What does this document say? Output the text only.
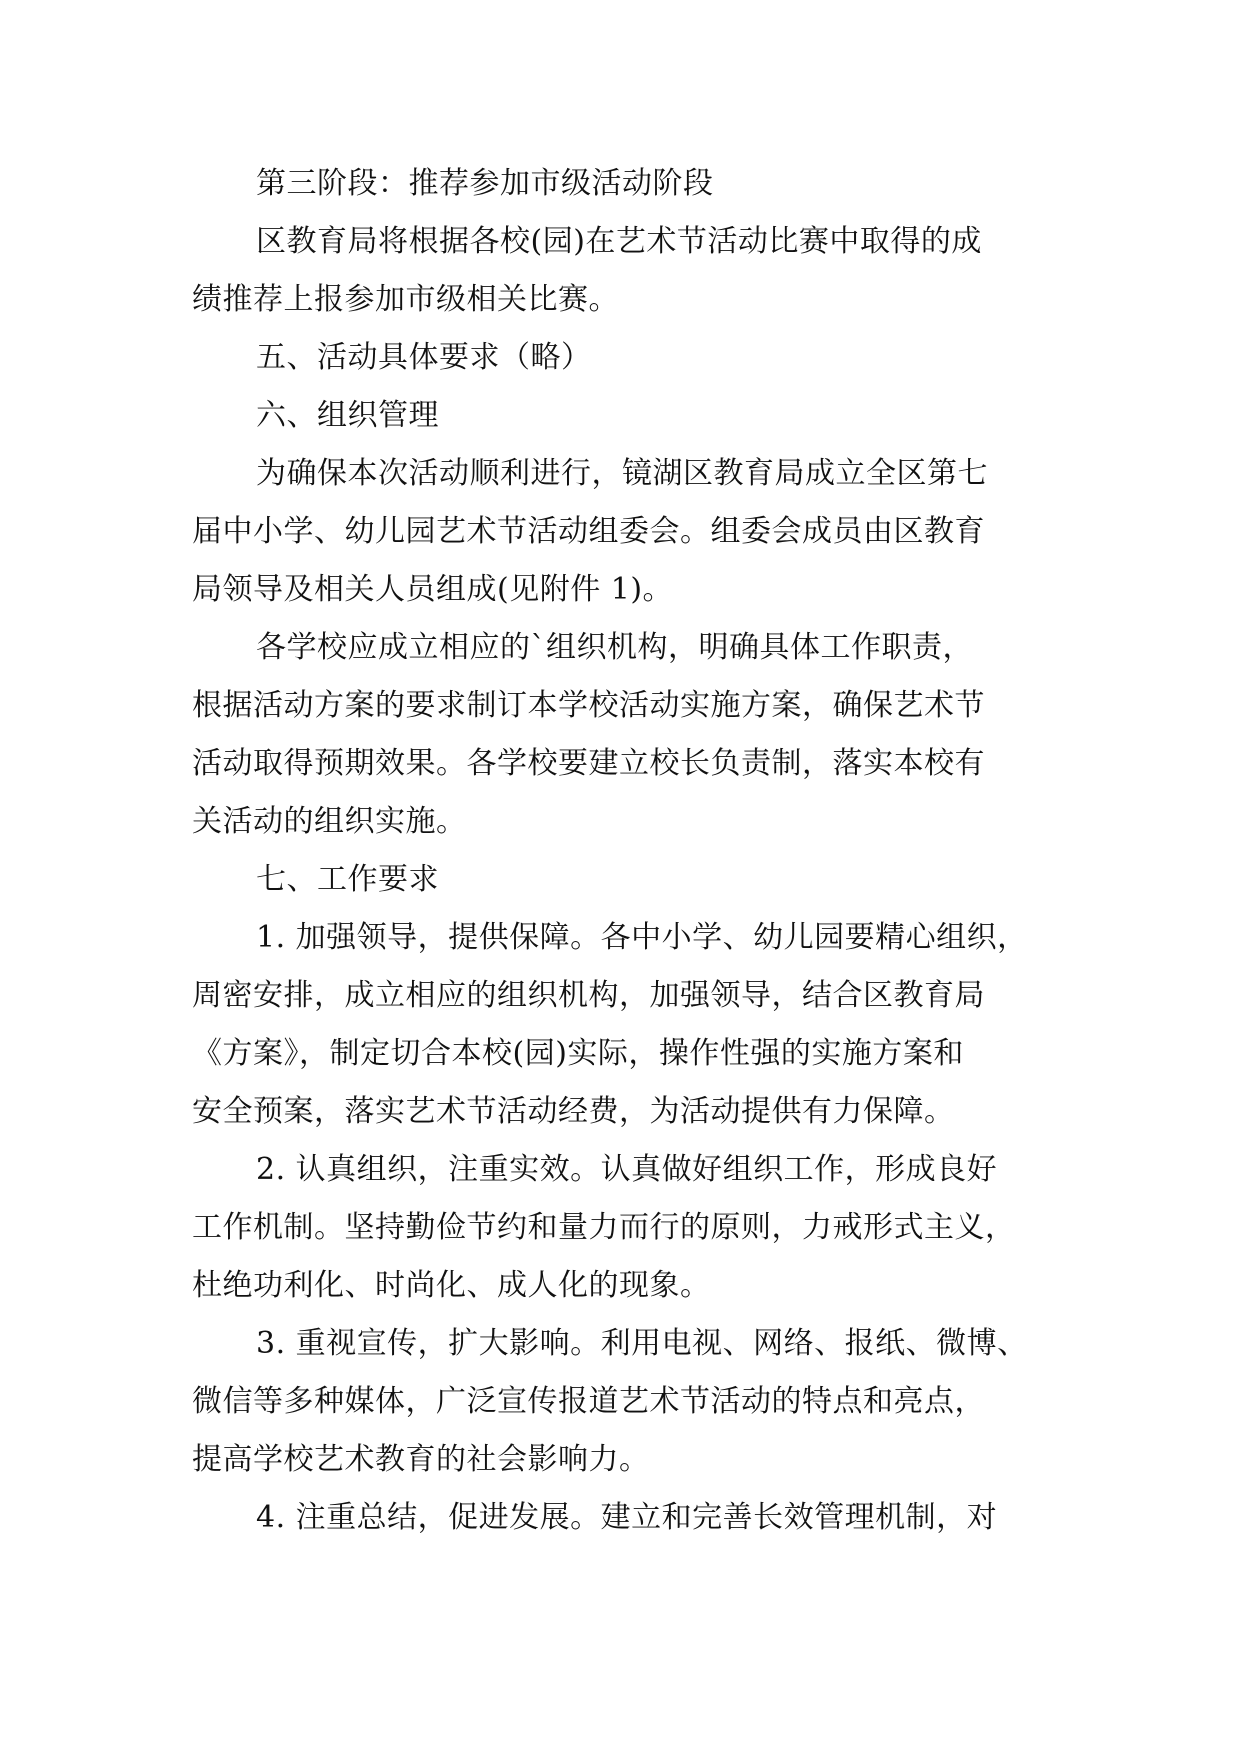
第三阶段：推荐参加市级活动阶段
区教育局将根据各校(园)在艺术节活动比赛中取得的成
绩推荐上报参加市级相关比赛。
五、活动具体要求（略）
六、组织管理
为确保本次活动顺利进行，镜湖区教育局成立全区第七
届中小学、幼儿园艺术节活动组委会。组委会成员由区教育
局领导及相关人员组成(见附件 1)。
各学校应成立相应的`组织机构，明确具体工作职责，
根据活动方案的要求制订本学校活动实施方案，确保艺术节
活动取得预期效果。各学校要建立校长负责制，落实本校有
关活动的组织实施。
七、工作要求
1. 加强领导，提供保障。各中小学、幼儿园要精心组织，
周密安排，成立相应的组织机构，加强领导，结合区教育局
《方案》，制定切合本校(园)实际，操作性强的实施方案和
安全预案，落实艺术节活动经费，为活动提供有力保障。
2. 认真组织，注重实效。认真做好组织工作，形成良好
工作机制。坚持勤俭节约和量力而行的原则，力戒形式主义，
杜绝功利化、时尚化、成人化的现象。
3. 重视宣传，扩大影响。利用电视、网络、报纸、微博、
微信等多种媒体，广泛宣传报道艺术节活动的特点和亮点，
提高学校艺术教育的社会影响力。
4. 注重总结，促进发展。建立和完善长效管理机制，对
